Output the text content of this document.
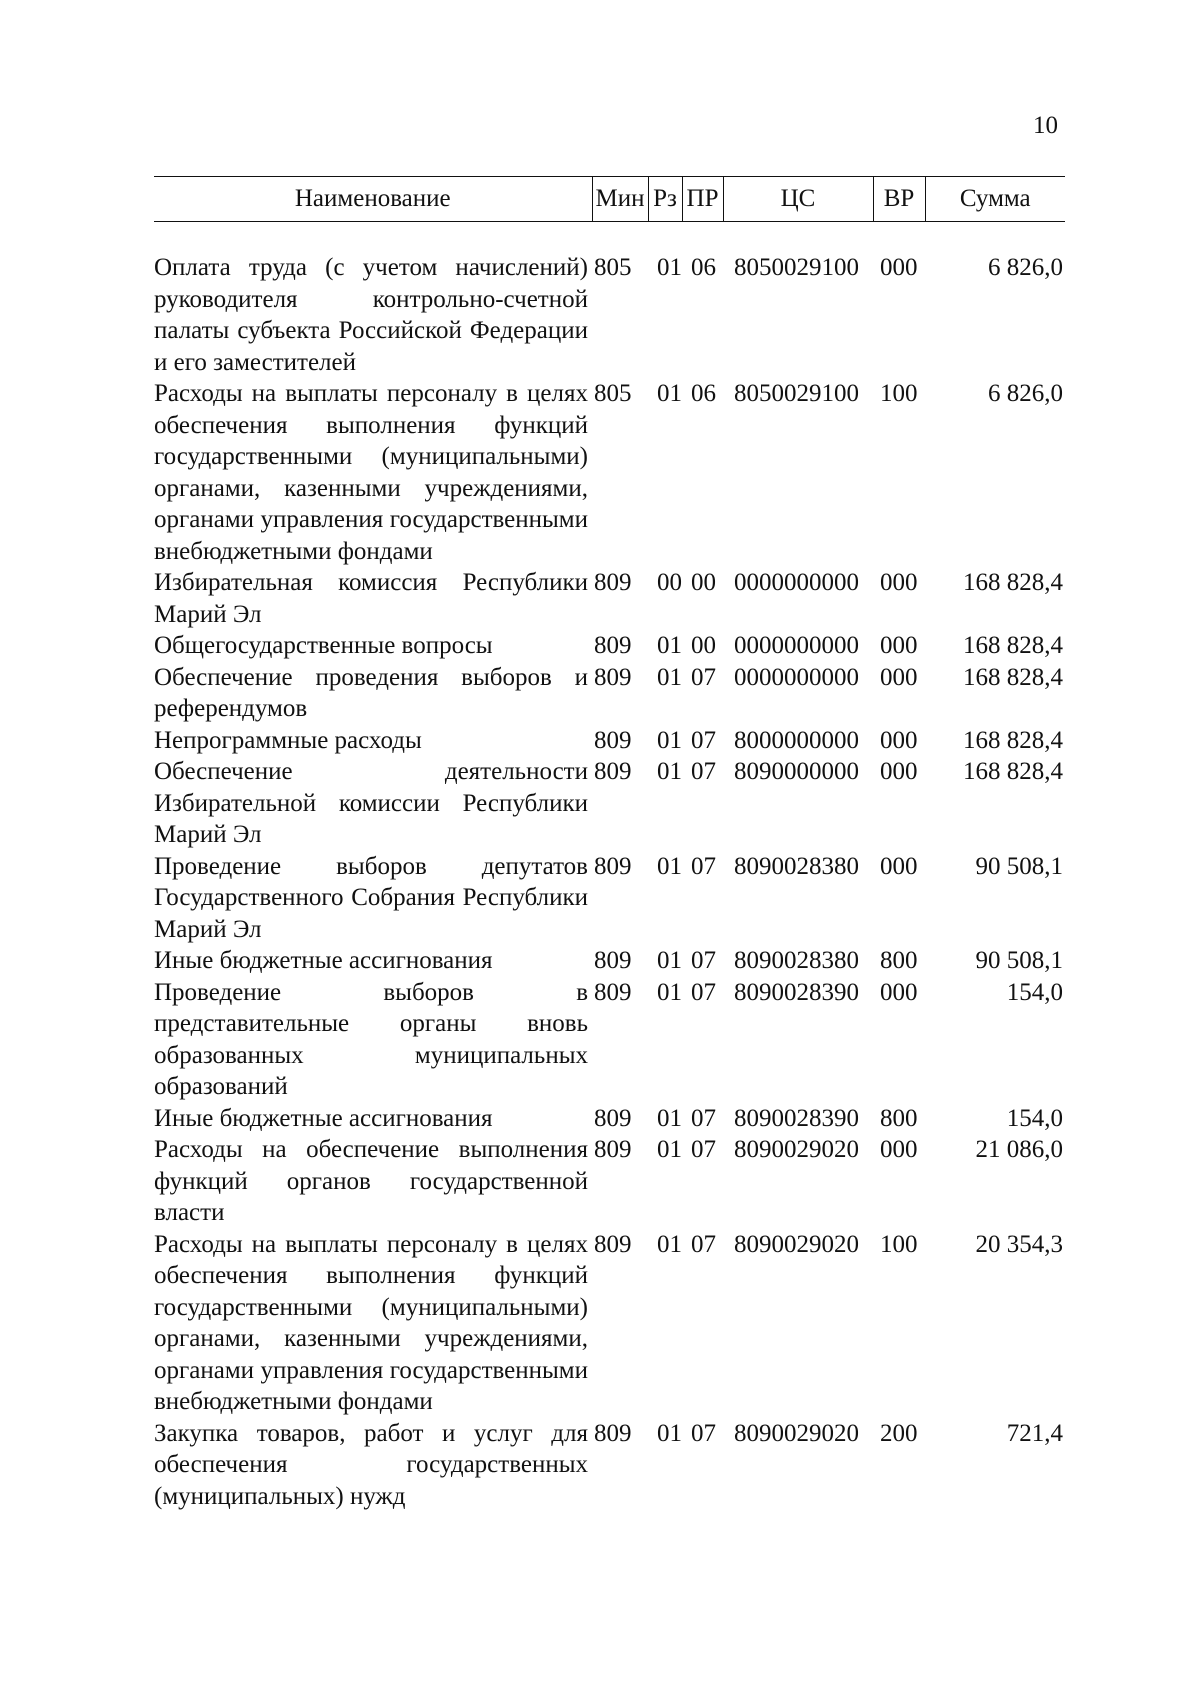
10
Наименование	Мин	Рз	ПР	ЦС	ВР	Сумма

Оплата труда (с учетом начислений) руководителя контрольно-счетной палаты субъекта Российской Федерации и его заместителей	805	01	06	8050029100	000	6 826,0
Расходы на выплаты персоналу в целях обеспечения выполнения функций государственными (муниципальными) органами, казенными учреждениями, органами управления государственными внебюджетными фондами	805	01	06	8050029100	100	6 826,0
Избирательная комиссия Республики Марий Эл	809	00	00	0000000000	000	168 828,4
Общегосударственные вопросы	809	01	00	0000000000	000	168 828,4
Обеспечение проведения выборов и референдумов	809	01	07	0000000000	000	168 828,4
Непрограммные расходы	809	01	07	8000000000	000	168 828,4
Обеспечение деятельности Избирательной комиссии Республики Марий Эл	809	01	07	8090000000	000	168 828,4
Проведение выборов депутатов Государственного Собрания Республики Марий Эл	809	01	07	8090028380	000	90 508,1
Иные бюджетные ассигнования	809	01	07	8090028380	800	90 508,1
Проведение выборов в представительные органы вновь образованных муниципальных образований	809	01	07	8090028390	000	154,0
Иные бюджетные ассигнования	809	01	07	8090028390	800	154,0
Расходы на обеспечение выполнения функций органов государственной власти	809	01	07	8090029020	000	21 086,0
Расходы на выплаты персоналу в целях обеспечения выполнения функций государственными (муниципальными) органами, казенными учреждениями, органами управления государственными внебюджетными фондами	809	01	07	8090029020	100	20 354,3
Закупка товаров, работ и услуг для обеспечения государственных (муниципальных) нужд	809	01	07	8090029020	200	721,4
